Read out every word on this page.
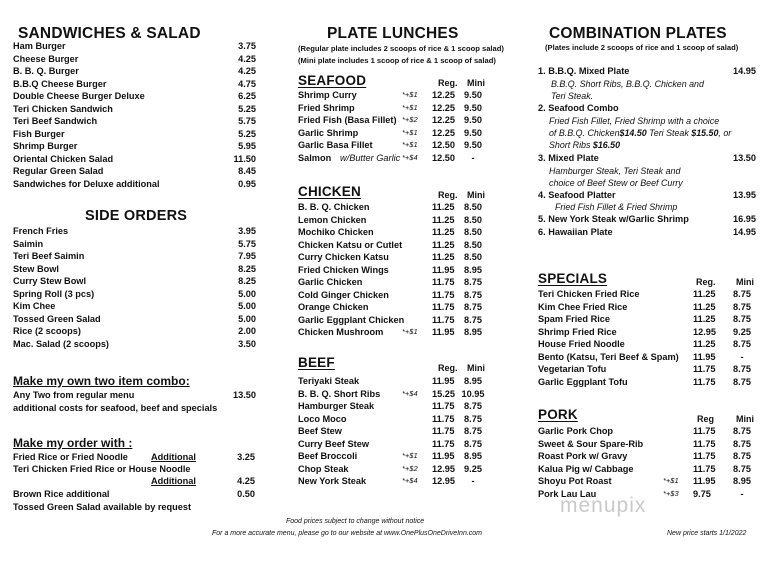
SANDWICHES & SALAD
Ham Burger	3.75
Cheese Burger	4.25
B. B. Q. Burger	4.25
B.B.Q Cheese Burger	4.75
Double Cheese Burger Deluxe	6.25
Teri Chicken Sandwich	5.25
Teri Beef Sandwich	5.75
Fish Burger	5.25
Shrimp Burger	5.95
Oriental Chicken Salad	11.50
Regular Green Salad	8.45
Sandwiches for Deluxe additional	0.95
SIDE ORDERS
French Fries	3.95
Saimin	5.75
Teri Beef Saimin	7.95
Stew Bowl	8.25
Curry Stew Bowl	8.25
Spring Roll (3 pcs)	5.00
Kim Chee	5.00
Tossed Green Salad	5.00
Rice (2 scoops)	2.00
Mac. Salad (2 scoops)	3.50
Make my own two item combo:
Any Two from regular menu	13.50
additional costs for seafood, beef and specials
Make my order with :
Fried Rice or Fried Noodle	Additional	3.25
Teri Chicken Fried Rice or House Noodle
Additional	4.25
Brown Rice additional	0.50
Tossed Green Salad available by request
PLATE LUNCHES
(Regular plate includes 2 scoops of rice & 1 scoop salad)
(Mini plate includes 1 scoop of rice & 1 scoop of salad)
SEAFOOD	Reg. Mini
Shrimp Curry	*+$1 12.25 9.50
Fried Shrimp	*+$1 12.25 9.50
Fried Fish (Basa Fillet) *+$2 12.25 9.50
Garlic Shrimp	*+$1 12.25 9.50
Garlic Basa Fillet	*+$1 12.50 9.50
Salmon w/Butter Garlic *+$4 12.50	-
CHICKEN	Reg. Mini
B. B. Q. Chicken	11.25	8.50
Lemon Chicken	11.25	8.50
Mochiko Chicken	11.25	8.50
Chicken Katsu or Cutlet	11.25	8.50
Curry Chicken Katsu	11.25	8.50
Fried Chicken Wings	11.95	8.95
Garlic Chicken	11.75	8.75
Cold Ginger Chicken	11.75	8.75
Orange Chicken	11.75	8.75
Garlic Eggplant Chicken	11.75	8.75
Chicken Mushroom	*+$1 11.95	8.95
BEEF	Reg. Mini
Teriyaki Steak	11.95	8.95
B. B. Q. Short Ribs	*+$4 15.25 10.95
Hamburger Steak	11.75	8.75
Loco Moco	11.75	8.75
Beef Stew	11.75	8.75
Curry Beef Stew	11.75	8.75
Beef Broccoli	*+$1 11.95	8.95
Chop Steak	*+$2 12.95 9.25
New York Steak	*+$4 12.95	-
COMBINATION PLATES
(Plates include 2 scoops of rice and 1 scoop of salad)
1. B.B.Q. Mixed Plate	14.95
B.B.Q. Short Ribs, B.B.Q. Chicken and
Teri Steak.
2. Seafood Combo
Fried Fish Fillet, Fried Shrimp with a choice
of B.B.Q. Chicken$14.50 Teri Steak $15.50, or
Short Ribs $16.50
3. Mixed Plate	13.50
Hamburger Steak, Teri Steak and
choice of Beef Stew or Beef Curry
4. Seafood Platter	13.95
Fried Fish Fillet & Fried Shrimp
5. New York Steak w/Garlic Shrimp	16.95
6. Hawaiian Plate	14.95
SPECIALS	Reg. Mini
Teri Chicken Fried Rice	11.25	8.75
Kim Chee Fried Rice	11.25	8.75
Spam Fried Rice	11.25	8.75
Shrimp Fried Rice	12.95	9.25
House Fried Noodle	11.25	8.75
Bento (Katsu, Teri Beef & Spam) 11.95	-
Vegetarian Tofu	11.75	8.75
Garlic Eggplant Tofu	11.75	8.75
PORK	Reg Mini
Garlic Pork Chop	11.75	8.75
Sweet & Sour Spare-Rib	11.75	8.75
Roast Pork w/ Gravy	11.75	8.75
Kalua Pig w/ Cabbage	11.75	8.75
Shoyu Pot Roast	*+$1 11.95	8.95
Pork Lau Lau	*+$3 9.75	-
menupix
Food prices subject to change without notice
For a more accurate menu, please go to our website at www.OnePlusOneDriveInn.com	New price starts 1/1/2022
